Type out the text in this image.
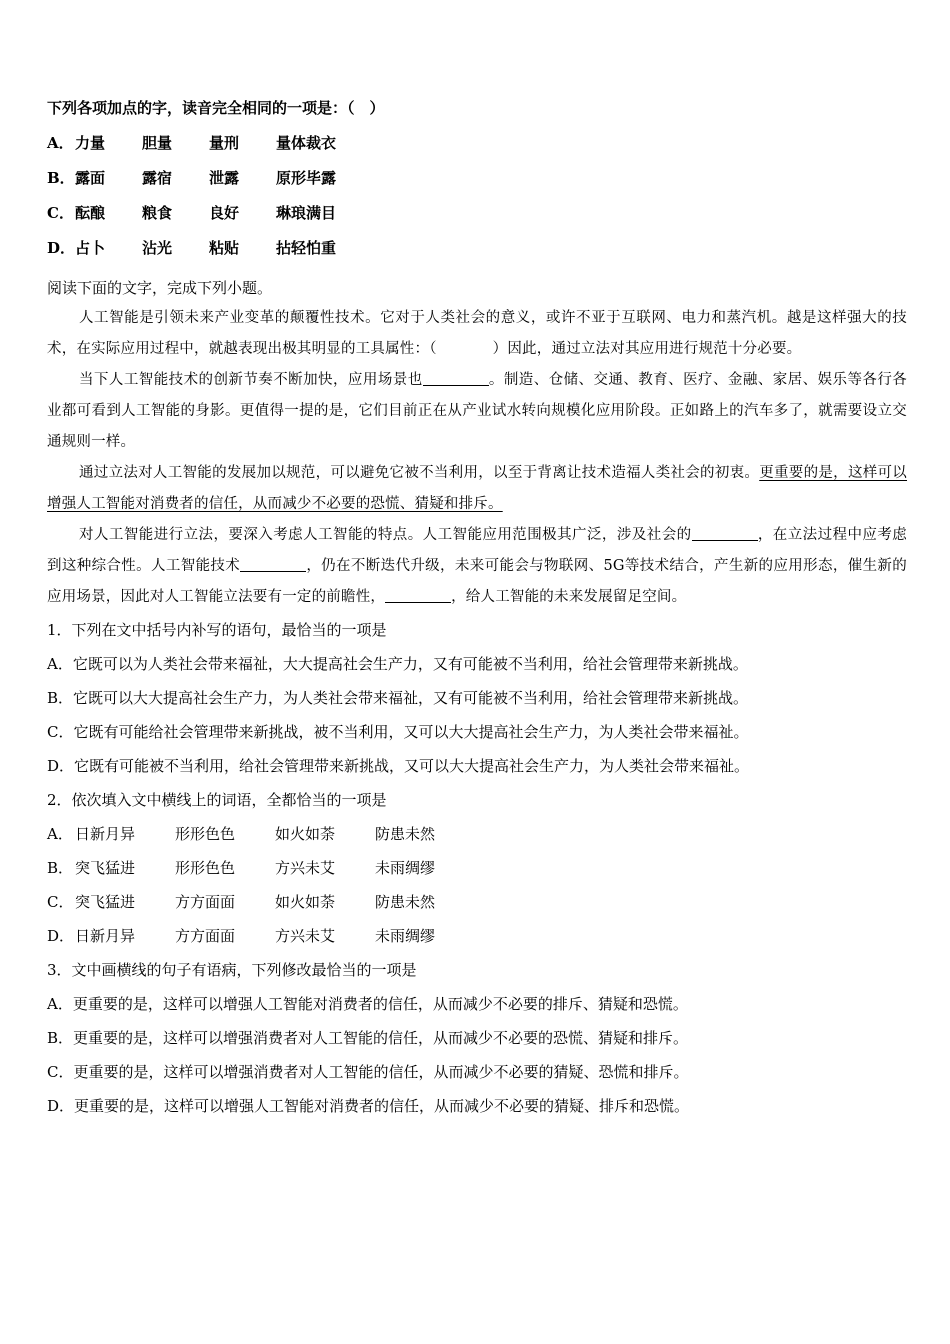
下列各项加点的字，读音完全相同的一项是：（　）

A． 力量	胆量	量刑	量体裁衣
B． 露面	露宿	泄露	原形毕露
C． 酝酿	粮食	良好	琳琅满目
D． 占卜	沾光	粘贴	拈轻怕重

阅读下面的文字，完成下列小题。

人工智能是引领未来产业变革的颠覆性技术。它对于人类社会的意义，或许不亚于互联网、电力和蒸汽机。越是这样强大的技术，在实际应用过程中，就越表现出极其明显的工具属性：（	）因此，通过立法对其应用进行规范十分必要。

当下人工智能技术的创新节奏不断加快，应用场景也	。制造、仓储、交通、教育、医疗、金融、家居、娱乐等各行各业都可看到人工智能的身影。更值得一提的是，它们目前正在从产业试水转向规模化应用阶段。正如路上的汽车多了，就需要设立交通规则一样。

通过立法对人工智能的发展加以规范，可以避免它被不当利用，以至于背离让技术造福人类社会的初衷。更重要的是，这样可以增强人工智能对消费者的信任，从而减少不必要的恐慌、猜疑和排斥。

对人工智能进行立法，要深入考虑人工智能的特点。人工智能应用范围极其广泛，涉及社会的	，在立法过程中应考虑到这种综合性。人工智能技术	，仍在不断迭代升级，未来可能会与物联网、5G等技术结合，产生新的应用形态，催生新的应用场景，因此对人工智能立法要有一定的前瞻性，	，给人工智能的未来发展留足空间。

1．下列在文中括号内补写的语句，最恰当的一项是

A．它既可以为人类社会带来福祉，大大提高社会生产力，又有可能被不当利用，给社会管理带来新挑战。

B．它既可以大大提高社会生产力，为人类社会带来福祉，又有可能被不当利用，给社会管理带来新挑战。

C．它既有可能给社会管理带来新挑战，被不当利用，又可以大大提高社会生产力，为人类社会带来福祉。

D．它既有可能被不当利用，给社会管理带来新挑战，又可以大大提高社会生产力，为人类社会带来福祉。

2．依次填入文中横线上的词语，全都恰当的一项是

A． 日新月异	形形色色	如火如荼	防患未然
B． 突飞猛进	形形色色	方兴未艾	未雨绸缪
C． 突飞猛进	方方面面	如火如荼	防患未然
D． 日新月异	方方面面	方兴未艾	未雨绸缪

3．文中画横线的句子有语病，下列修改最恰当的一项是

A．更重要的是，这样可以增强人工智能对消费者的信任，从而减少不必要的排斥、猜疑和恐慌。

B．更重要的是，这样可以增强消费者对人工智能的信任，从而减少不必要的恐慌、猜疑和排斥。

C．更重要的是，这样可以增强消费者对人工智能的信任，从而减少不必要的猜疑、恐慌和排斥。

D．更重要的是，这样可以增强人工智能对消费者的信任，从而减少不必要的猜疑、排斥和恐慌。
